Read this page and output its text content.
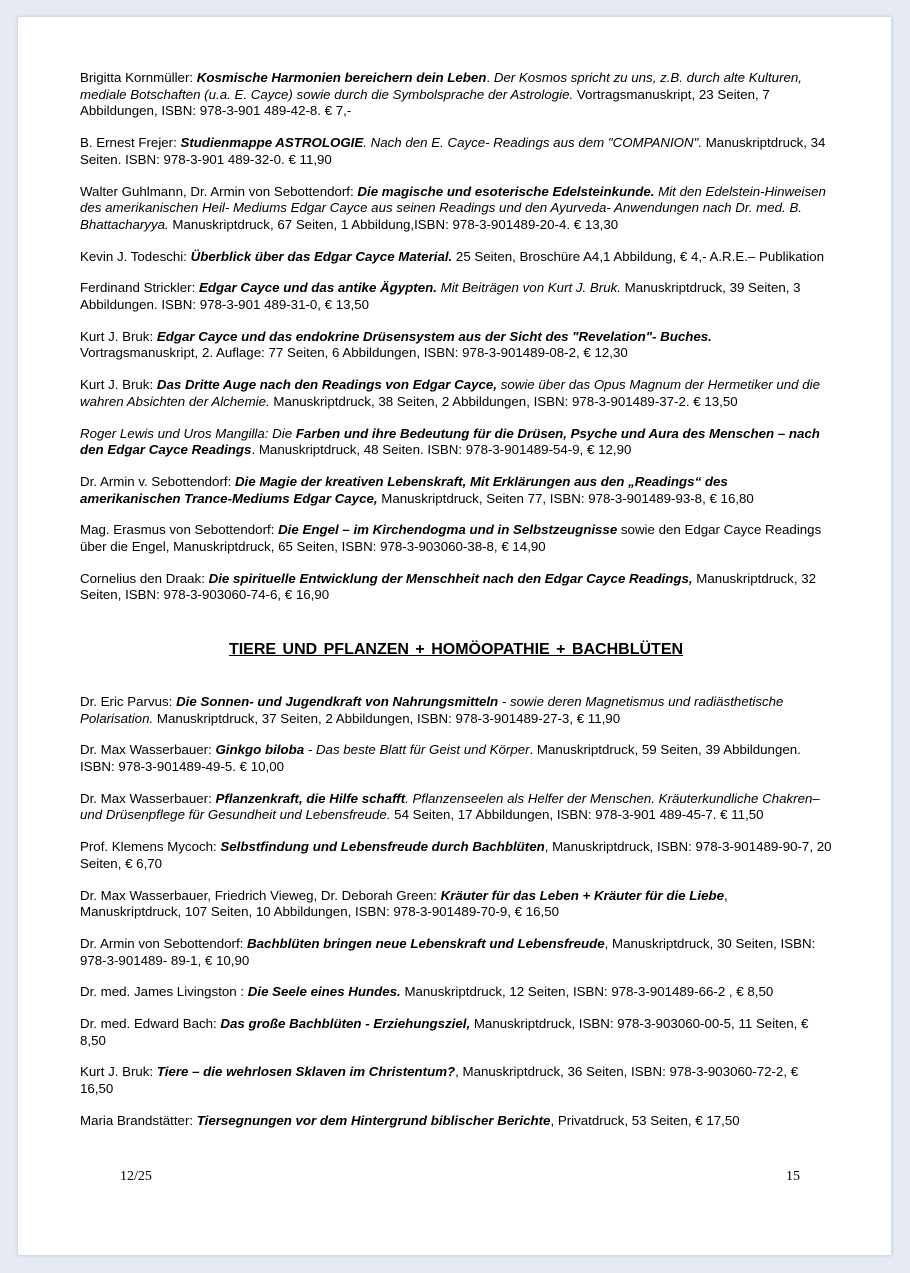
Brigitta Kornmüller: Kosmische Harmonien bereichern dein Leben. Der Kosmos spricht zu uns, z.B. durch alte Kulturen, mediale Botschaften (u.a. E. Cayce) sowie durch die Symbolsprache der Astrologie. Vortragsmanuskript, 23 Seiten, 7 Abbildungen, ISBN: 978-3-901 489-42-8. € 7,-
B. Ernest Frejer: Studienmappe ASTROLOGIE. Nach den E. Cayce- Readings aus dem "COMPANION". Manuskriptdruck, 34 Seiten. ISBN: 978-3-901 489-32-0. € 11,90
Walter Guhlmann, Dr. Armin von Sebottendorf: Die magische und esoterische Edelsteinkunde. Mit den Edelstein-Hinweisen des amerikanischen Heil- Mediums Edgar Cayce aus seinen Readings und den Ayurveda- Anwendungen nach Dr. med. B. Bhattacharyya. Manuskriptdruck, 67 Seiten, 1 Abbildung,ISBN: 978-3-901489-20-4. € 13,30
Kevin J. Todeschi: Überblick über das Edgar Cayce Material. 25 Seiten, Broschüre A4,1 Abbildung, € 4,- A.R.E.– Publikation
Ferdinand Strickler: Edgar Cayce und das antike Ägypten. Mit Beiträgen von Kurt J. Bruk. Manuskriptdruck, 39 Seiten, 3 Abbildungen. ISBN: 978-3-901 489-31-0, € 13,50
Kurt J. Bruk: Edgar Cayce und das endokrine Drüsensystem aus der Sicht des "Revelation"- Buches. Vortragsmanuskript, 2. Auflage: 77 Seiten, 6 Abbildungen, ISBN: 978-3-901489-08-2, € 12,30
Kurt J. Bruk: Das Dritte Auge nach den Readings von Edgar Cayce, sowie über das Opus Magnum der Hermetiker und die wahren Absichten der Alchemie. Manuskriptdruck, 38 Seiten, 2 Abbildungen, ISBN: 978-3-901489-37-2. € 13,50
Roger Lewis und Uros Mangilla: Die Farben und ihre Bedeutung für die Drüsen, Psyche und Aura des Menschen – nach den Edgar Cayce Readings. Manuskriptdruck, 48 Seiten. ISBN: 978-3-901489-54-9, € 12,90
Dr. Armin v. Sebottendorf: Die Magie der kreativen Lebenskraft, Mit Erklärungen aus den „Readings“ des amerikanischen Trance-Mediums Edgar Cayce, Manuskriptdruck, Seiten 77, ISBN: 978-3-901489-93-8, € 16,80
Mag. Erasmus von Sebottendorf: Die Engel – im Kirchendogma und in Selbstzeugnisse sowie den Edgar Cayce Readings über die Engel, Manuskriptdruck, 65 Seiten, ISBN: 978-3-903060-38-8, € 14,90
Cornelius den Draak: Die spirituelle Entwicklung der Menschheit nach den Edgar Cayce Readings, Manuskriptdruck, 32 Seiten, ISBN: 978-3-903060-74-6, € 16,90
TIERE UND PFLANZEN + HOMÖOPATHIE + BACHBLÜTEN
Dr. Eric Parvus: Die Sonnen- und Jugendkraft von Nahrungsmitteln - sowie deren Magnetismus und radiästhetische Polarisation. Manuskriptdruck, 37 Seiten, 2 Abbildungen, ISBN: 978-3-901489-27-3, € 11,90
Dr. Max Wasserbauer: Ginkgo biloba - Das beste Blatt für Geist und Körper. Manuskriptdruck, 59 Seiten, 39 Abbildungen. ISBN: 978-3-901489-49-5. € 10,00
Dr. Max Wasserbauer: Pflanzenkraft, die Hilfe schafft. Pflanzenseelen als Helfer der Menschen. Kräuterkundliche Chakren– und Drüsenpflege für Gesundheit und Lebensfreude. 54 Seiten, 17 Abbildungen, ISBN: 978-3-901 489-45-7. € 11,50
Prof. Klemens Mycoch: Selbstfindung und Lebensfreude durch Bachblüten, Manuskriptdruck, ISBN: 978-3-901489-90-7, 20 Seiten, € 6,70
Dr. Max Wasserbauer, Friedrich Vieweg, Dr. Deborah Green: Kräuter für das Leben + Kräuter für die Liebe, Manuskriptdruck, 107 Seiten, 10 Abbildungen, ISBN: 978-3-901489-70-9, € 16,50
Dr. Armin von Sebottendorf: Bachblüten bringen neue Lebenskraft und Lebensfreude, Manuskriptdruck, 30 Seiten, ISBN: 978-3-901489- 89-1, € 10,90
Dr. med. James Livingston : Die Seele eines Hundes. Manuskriptdruck, 12 Seiten, ISBN: 978-3-901489-66-2 , € 8,50
Dr. med. Edward Bach: Das große Bachblüten - Erziehungsziel, Manuskriptdruck, ISBN: 978-3-903060-00-5, 11 Seiten, € 8,50
Kurt J. Bruk: Tiere – die wehrlosen Sklaven im Christentum?, Manuskriptdruck, 36 Seiten, ISBN: 978-3-903060-72-2, € 16,50
Maria Brandstätter: Tiersegnungen vor dem Hintergrund biblischer Berichte, Privatdruck, 53 Seiten, € 17,50
12/25	15
